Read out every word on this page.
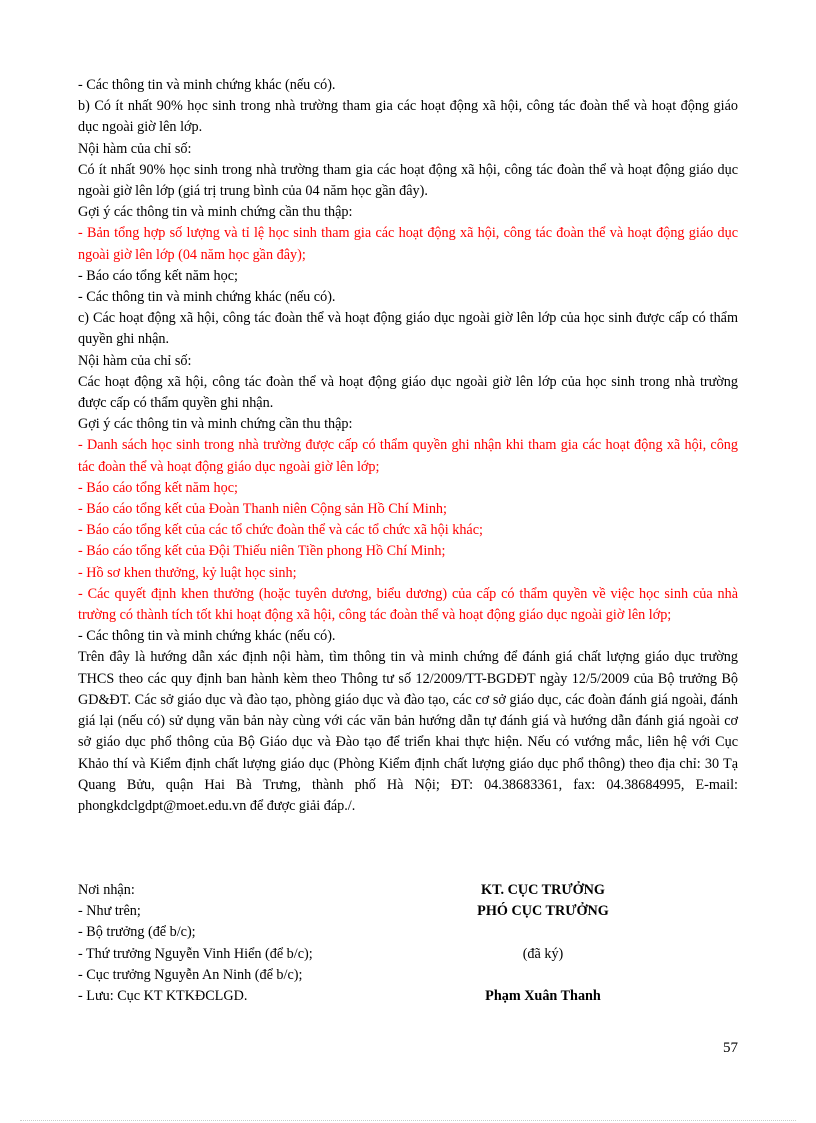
- Các thông tin và minh chứng khác (nếu có).

b) Có ít nhất 90% học sinh trong nhà trường tham gia các hoạt động xã hội, công tác đoàn thể và hoạt động giáo dục ngoài giờ lên lớp.

Nội hàm của chỉ số:

Có ít nhất 90% học sinh trong nhà trường tham gia các hoạt động xã hội, công tác đoàn thể và hoạt động giáo dục ngoài giờ lên lớp (giá trị trung bình của 04 năm học gần đây).

Gợi ý các thông tin và minh chứng cần thu thập:

- Bản tổng hợp số lượng và tỉ lệ học sinh tham gia các hoạt động xã hội, công tác đoàn thể và hoạt động giáo dục ngoài giờ lên lớp (04 năm học gần đây);

- Báo cáo tổng kết năm học;

- Các thông tin và minh chứng khác (nếu có).

c) Các hoạt động xã hội, công tác đoàn thể và hoạt động giáo dục ngoài giờ lên lớp của học sinh được cấp có thẩm quyền ghi nhận.

Nội hàm của chỉ số:

Các hoạt động xã hội, công tác đoàn thể và hoạt động giáo dục ngoài giờ lên lớp của học sinh trong nhà trường được cấp có thẩm quyền ghi nhận.

Gợi ý các thông tin và minh chứng cần thu thập:

- Danh sách học sinh trong nhà trường được cấp có thẩm quyền ghi nhận khi tham gia các hoạt động xã hội, công tác đoàn thể và hoạt động giáo dục ngoài giờ lên lớp;

- Báo cáo tổng kết năm học;

- Báo cáo tổng kết của Đoàn Thanh niên Cộng sản Hồ Chí Minh;

- Báo cáo tổng kết của các tổ chức đoàn thể và các tổ chức xã hội khác;

- Báo cáo tổng kết của Đội Thiếu niên Tiền phong Hồ Chí Minh;

- Hồ sơ khen thưởng, kỷ luật học sinh;

- Các quyết định khen thưởng (hoặc tuyên dương, biểu dương) của cấp có thẩm quyền về việc học sinh của nhà trường có thành tích tốt khi hoạt động xã hội, công tác đoàn thể và hoạt động giáo dục ngoài giờ lên lớp;

- Các thông tin và minh chứng khác (nếu có).

Trên đây là hướng dẫn xác định nội hàm, tìm thông tin và minh chứng để đánh giá chất lượng giáo dục trường THCS theo các quy định ban hành kèm theo Thông tư số 12/2009/TT-BGDĐT ngày 12/5/2009 của Bộ trưởng Bộ GD&ĐT. Các sở giáo dục và đào tạo, phòng giáo dục và đào tạo, các cơ sở giáo dục, các đoàn đánh giá ngoài, đánh giá lại (nếu có) sử dụng văn bản này cùng với các văn bản hướng dẫn tự đánh giá và hướng dẫn đánh giá ngoài cơ sở giáo dục phổ thông của Bộ Giáo dục và Đào tạo để triển khai thực hiện. Nếu có vướng mắc, liên hệ với Cục Khảo thí và Kiểm định chất lượng giáo dục (Phòng Kiểm định chất lượng giáo dục phổ thông) theo địa chỉ: 30 Tạ Quang Bửu, quận Hai Bà Trưng, thành phố Hà Nội; ĐT: 04.38683361, fax: 04.38684995, E-mail: phongkdclgdpt@moet.edu.vn để được giải đáp./.

Nơi nhận:	KT. CỤC TRƯỞNG
- Như trên;	PHÓ CỤC TRƯỞNG
- Bộ trưởng (để b/c);
- Thứ trưởng Nguyễn Vinh Hiển (để b/c);	(đã ký)
- Cục trưởng Nguyễn An Ninh (để b/c);
- Lưu: Cục KT KTKĐCLGD.	Phạm Xuân Thanh
57
